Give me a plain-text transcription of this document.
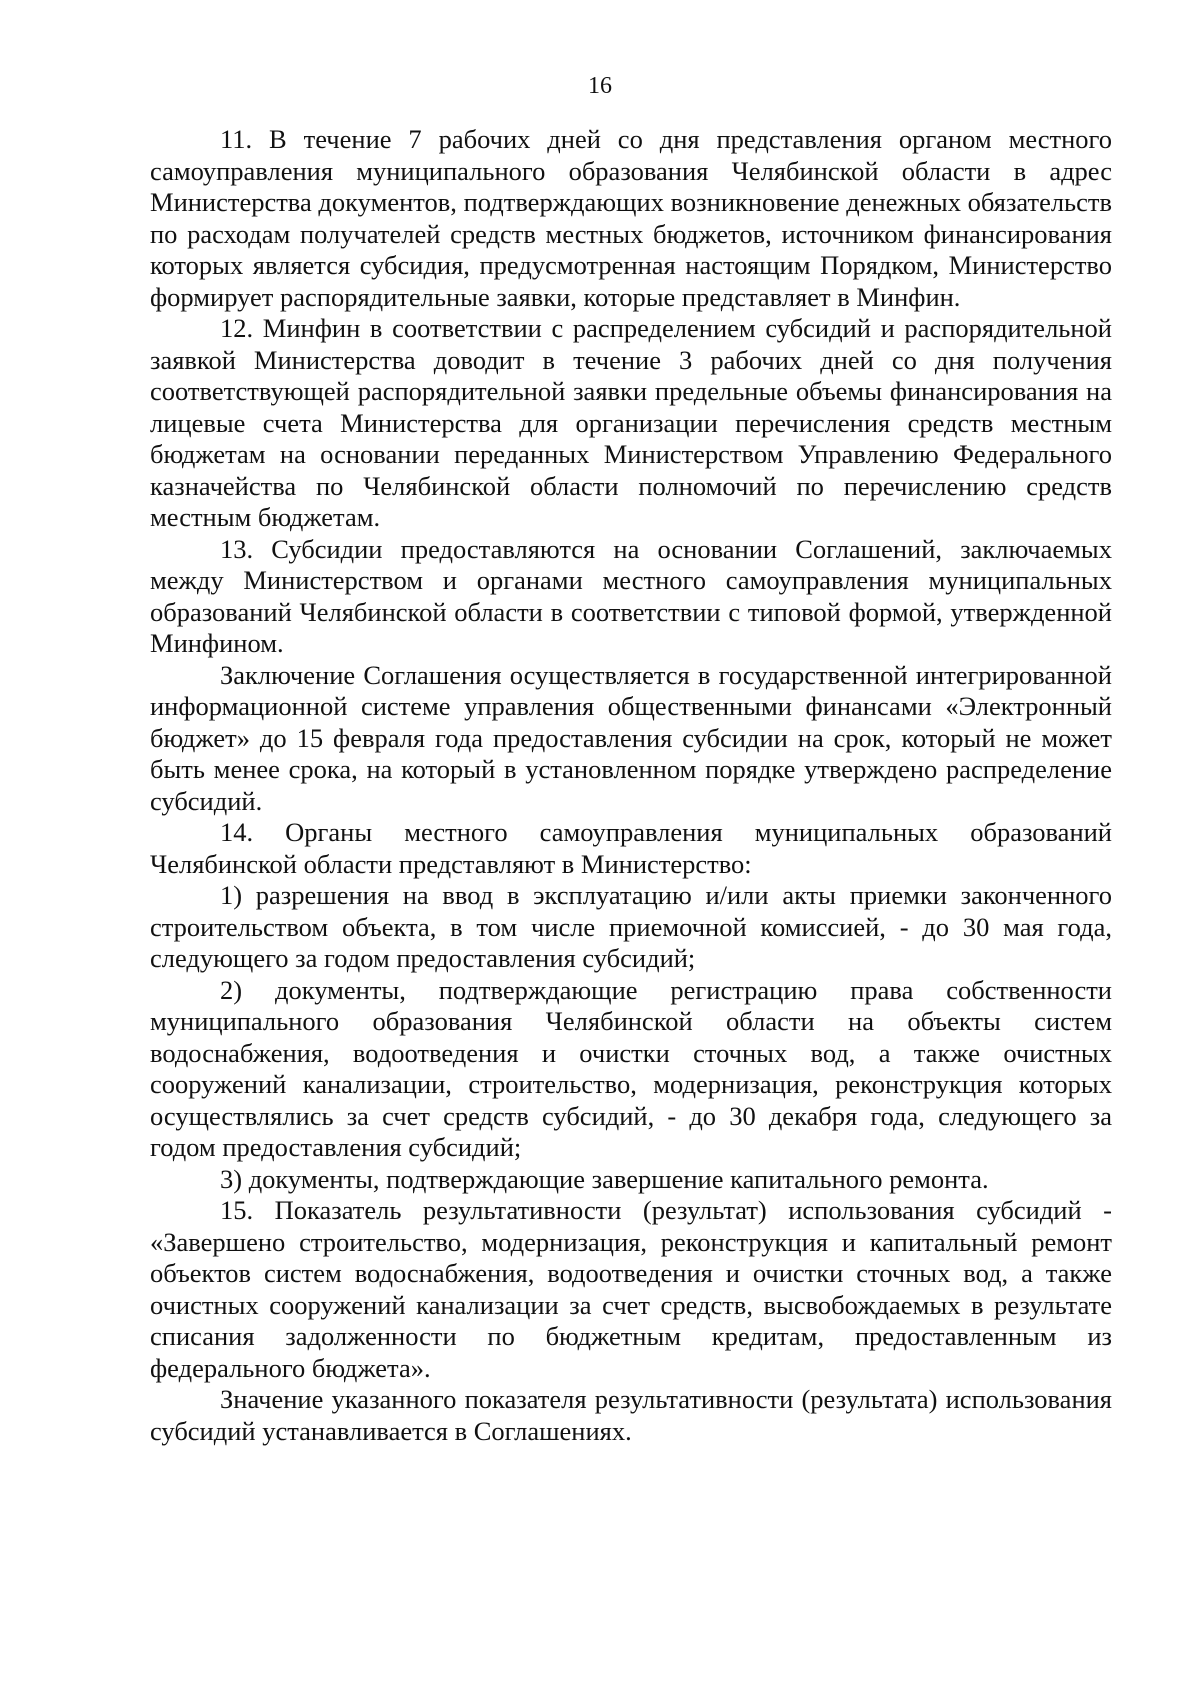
16

11. В течение 7 рабочих дней со дня представления органом местного самоуправления муниципального образования Челябинской области в адрес Министерства документов, подтверждающих возникновение денежных обязательств по расходам получателей средств местных бюджетов, источником финансирования которых является субсидия, предусмотренная настоящим Порядком, Министерство формирует распорядительные заявки, которые представляет в Минфин.

12. Минфин в соответствии с распределением субсидий и распорядительной заявкой Министерства доводит в течение 3 рабочих дней со дня получения соответствующей распорядительной заявки предельные объемы финансирования на лицевые счета Министерства для организации перечисления средств местным бюджетам на основании переданных Министерством Управлению Федерального казначейства по Челябинской области полномочий по перечислению средств местным бюджетам.

13. Субсидии предоставляются на основании Соглашений, заключаемых между Министерством и органами местного самоуправления муниципальных образований Челябинской области в соответствии с типовой формой, утвержденной Минфином.

Заключение Соглашения осуществляется в государственной интегрированной информационной системе управления общественными финансами «Электронный бюджет» до 15 февраля года предоставления субсидии на срок, который не может быть менее срока, на который в установленном порядке утверждено распределение субсидий.

14. Органы местного самоуправления муниципальных образований Челябинской области представляют в Министерство:

1) разрешения на ввод в эксплуатацию и/или акты приемки законченного строительством объекта, в том числе приемочной комиссией, - до 30 мая года, следующего за годом предоставления субсидий;

2) документы, подтверждающие регистрацию права собственности муниципального образования Челябинской области на объекты систем водоснабжения, водоотведения и очистки сточных вод, а также очистных сооружений канализации, строительство, модернизация, реконструкция которых осуществлялись за счет средств субсидий, - до 30 декабря года, следующего за годом предоставления субсидий;

3) документы, подтверждающие завершение капитального ремонта.

15. Показатель результативности (результат) использования субсидий - «Завершено строительство, модернизация, реконструкция и капитальный ремонт объектов систем водоснабжения, водоотведения и очистки сточных вод, а также очистных сооружений канализации за счет средств, высвобождаемых в результате списания задолженности по бюджетным кредитам, предоставленным из федерального бюджета».

Значение указанного показателя результативности (результата) использования субсидий устанавливается в Соглашениях.
